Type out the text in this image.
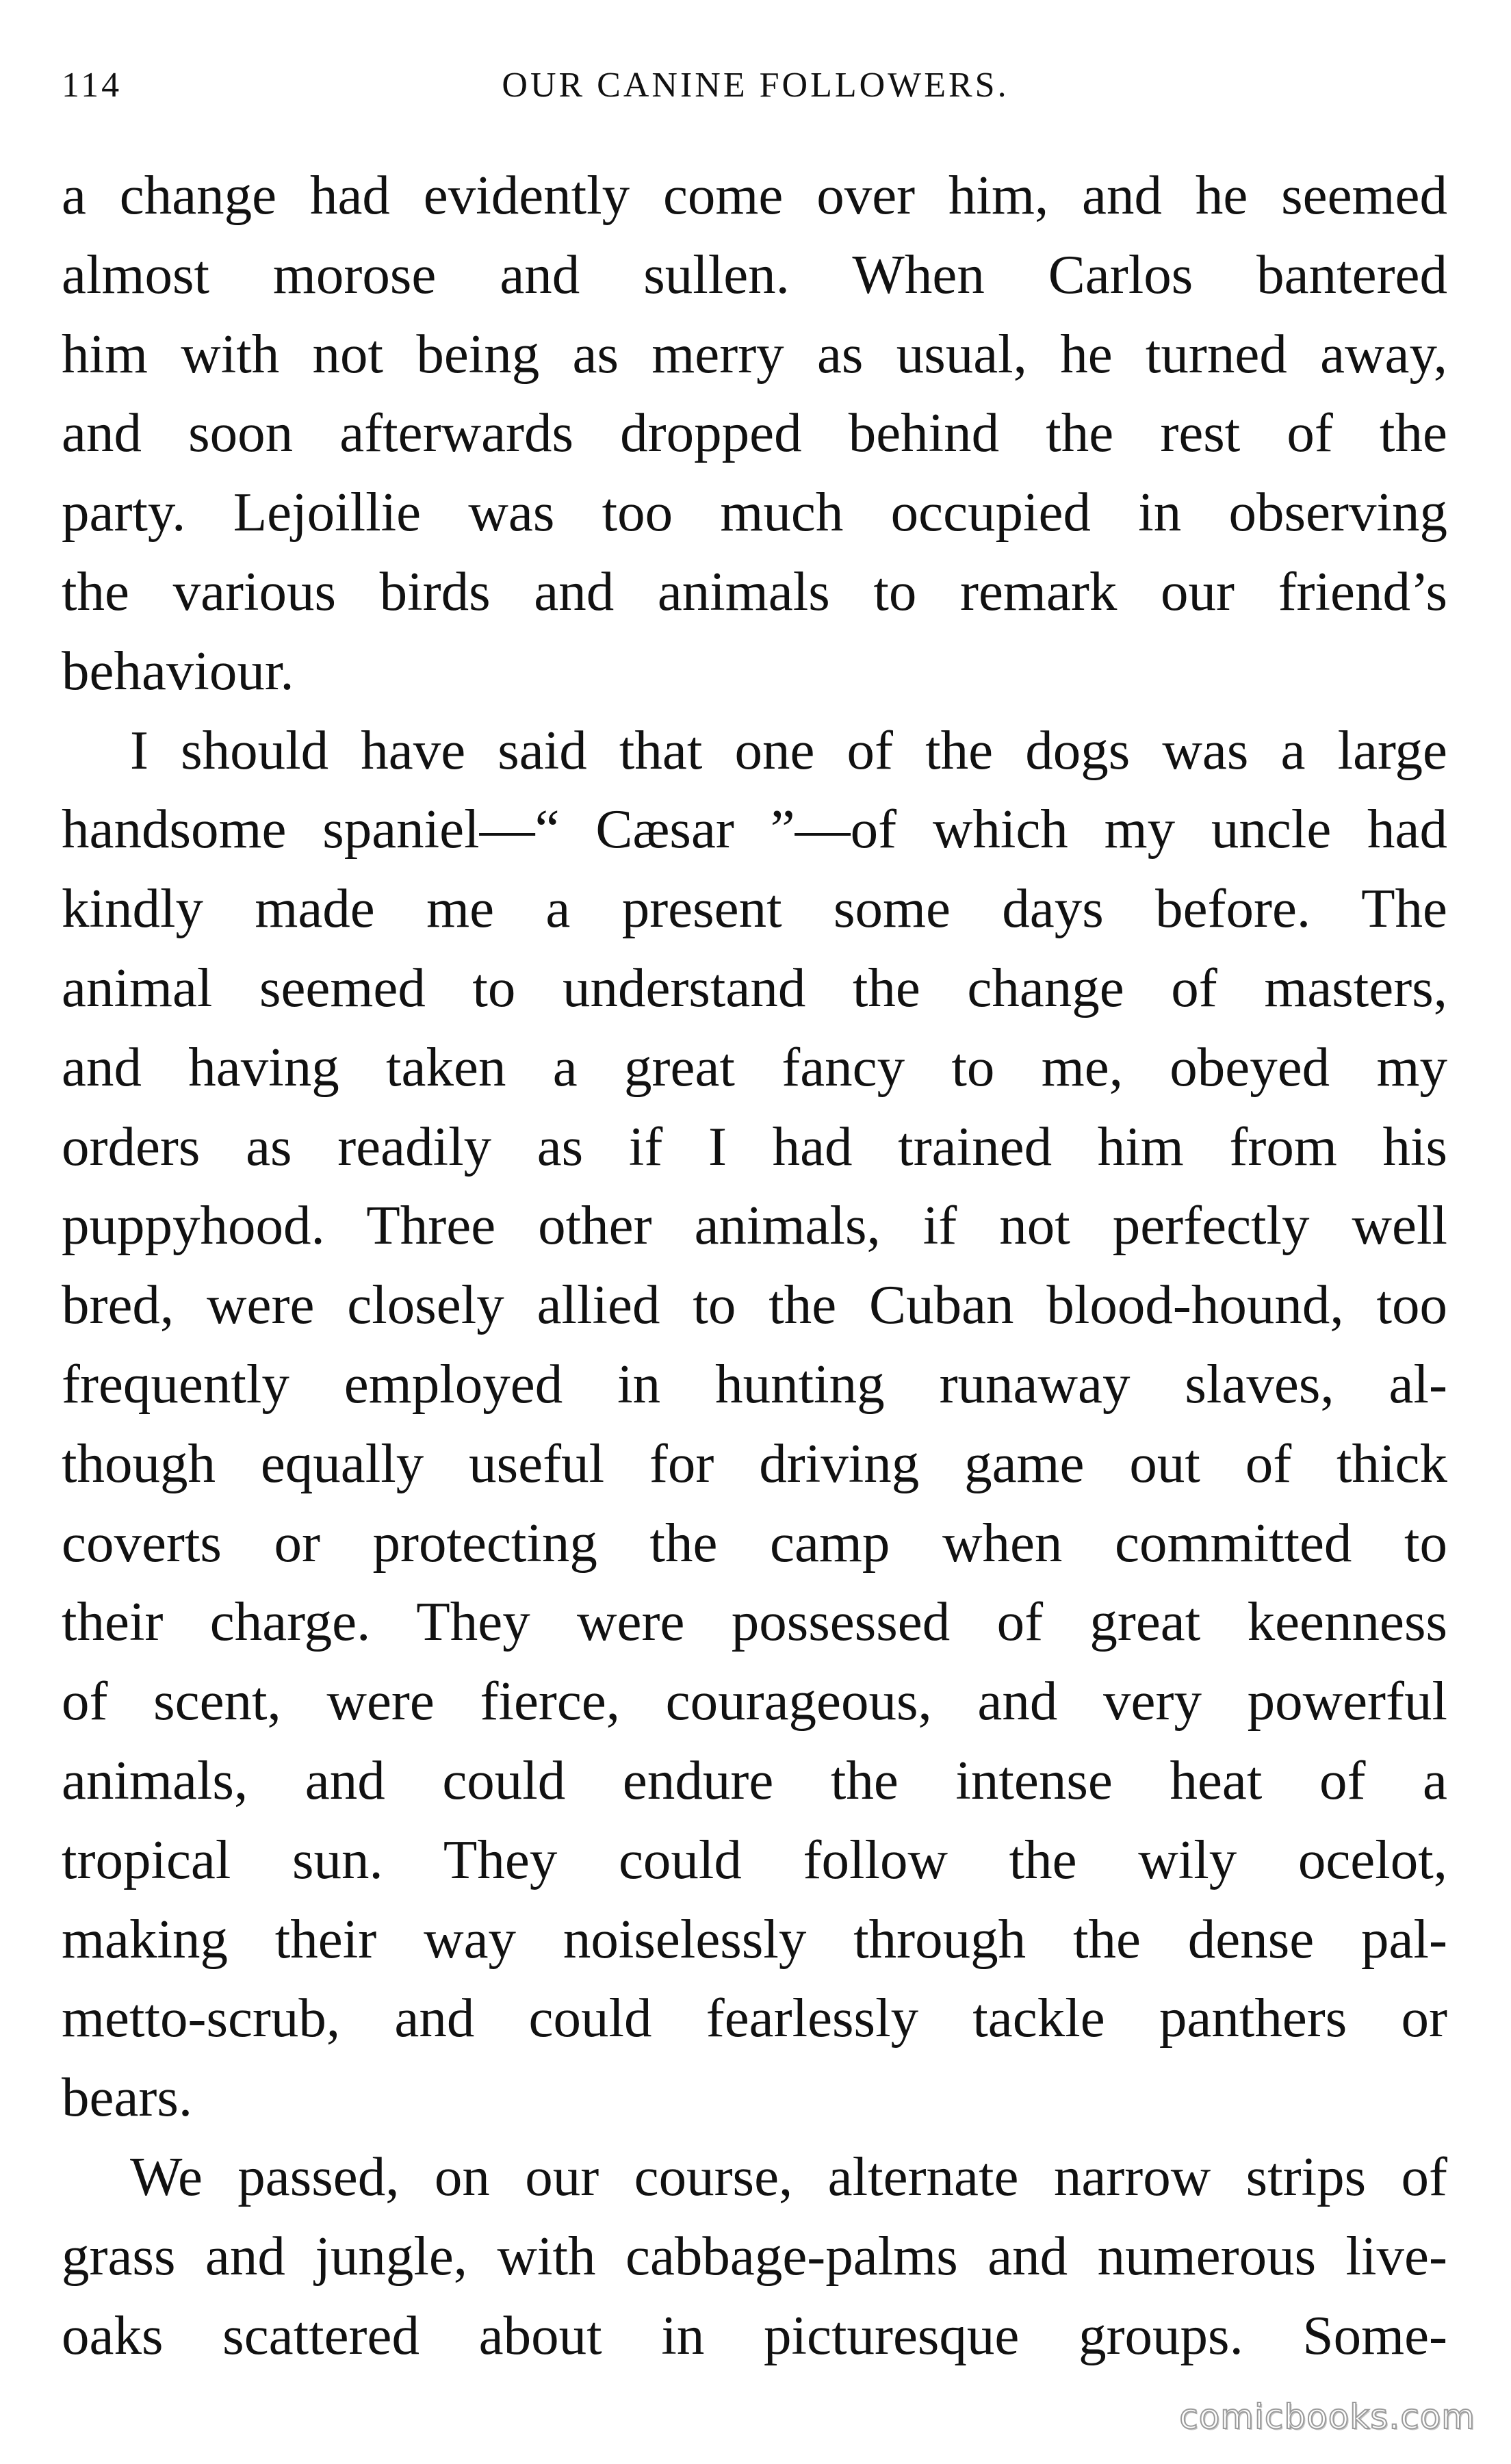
114	OUR CANINE FOLLOWERS.
a change had evidently come over him, and he seemed
almost morose and sullen. When Carlos bantered
him with not being as merry as usual, he turned away,
and soon afterwards dropped behind the rest of the
party. Lejoillie was too much occupied in observing
the various birds and animals to remark our friend’s
behaviour.
I should have said that one of the dogs was a large
handsome spaniel—“ Cæsar ”—of which my uncle had
kindly made me a present some days before. The
animal seemed to understand the change of masters,
and having taken a great fancy to me, obeyed my
orders as readily as if I had trained him from his
puppyhood. Three other animals, if not perfectly well
bred, were closely allied to the Cuban blood-hound, too
frequently employed in hunting runaway slaves, al-
though equally useful for driving game out of thick
coverts or protecting the camp when committed to
their charge. They were possessed of great keenness
of scent, were fierce, courageous, and very powerful
animals, and could endure the intense heat of a
tropical sun. They could follow the wily ocelot,
making their way noiselessly through the dense pal-
metto-scrub, and could fearlessly tackle panthers or
bears.
We passed, on our course, alternate narrow strips of
grass and jungle, with cabbage-palms and numerous live-
oaks scattered about in picturesque groups. Some-
comicbooks.com
